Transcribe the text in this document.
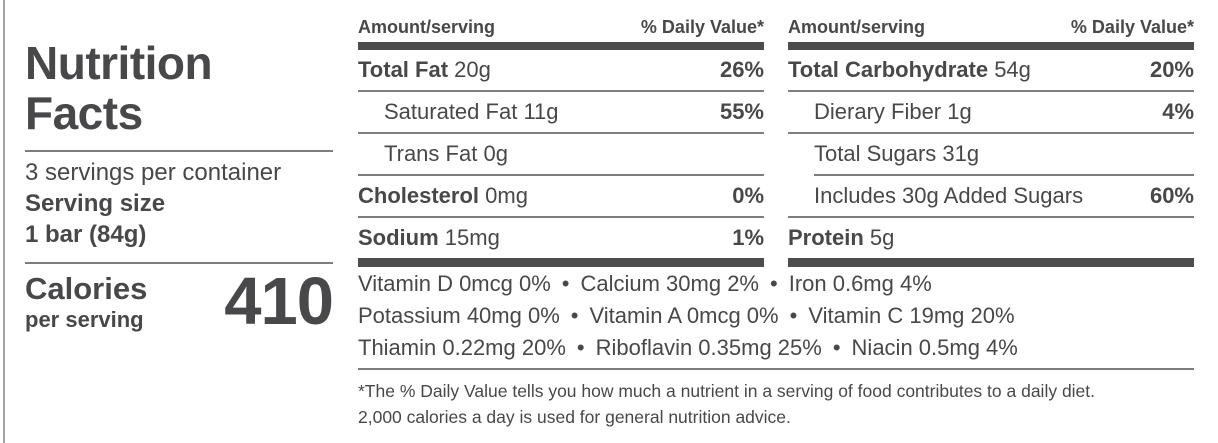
Nutrition
Facts
3 servings per container
Serving size
1 bar (84g)
Calories
per serving 410
Amount/serving	% Daily Value*
Total Fat 20g	26%
Saturated Fat 11g	55%
Trans Fat 0g
Cholesterol 0mg	0%
Sodium 15mg	1%
Amount/serving	% Daily Value*
Total Carbohydrate 54g	20%
Dierary Fiber 1g	4%
Total Sugars 31g
Includes 30g Added Sugars	60%
Protein 5g
Vitamin D 0mcg 0% • Calcium 30mg 2% • Iron 0.6mg 4%
Potassium 40mg 0% • Vitamin A 0mcg 0% • Vitamin C 19mg 20%
Thiamin 0.22mg 20% • Riboflavin 0.35mg 25% • Niacin 0.5mg 4%
*The % Daily Value tells you how much a nutrient in a serving of food contributes to a daily diet.
2,000 calories a day is used for general nutrition advice.
